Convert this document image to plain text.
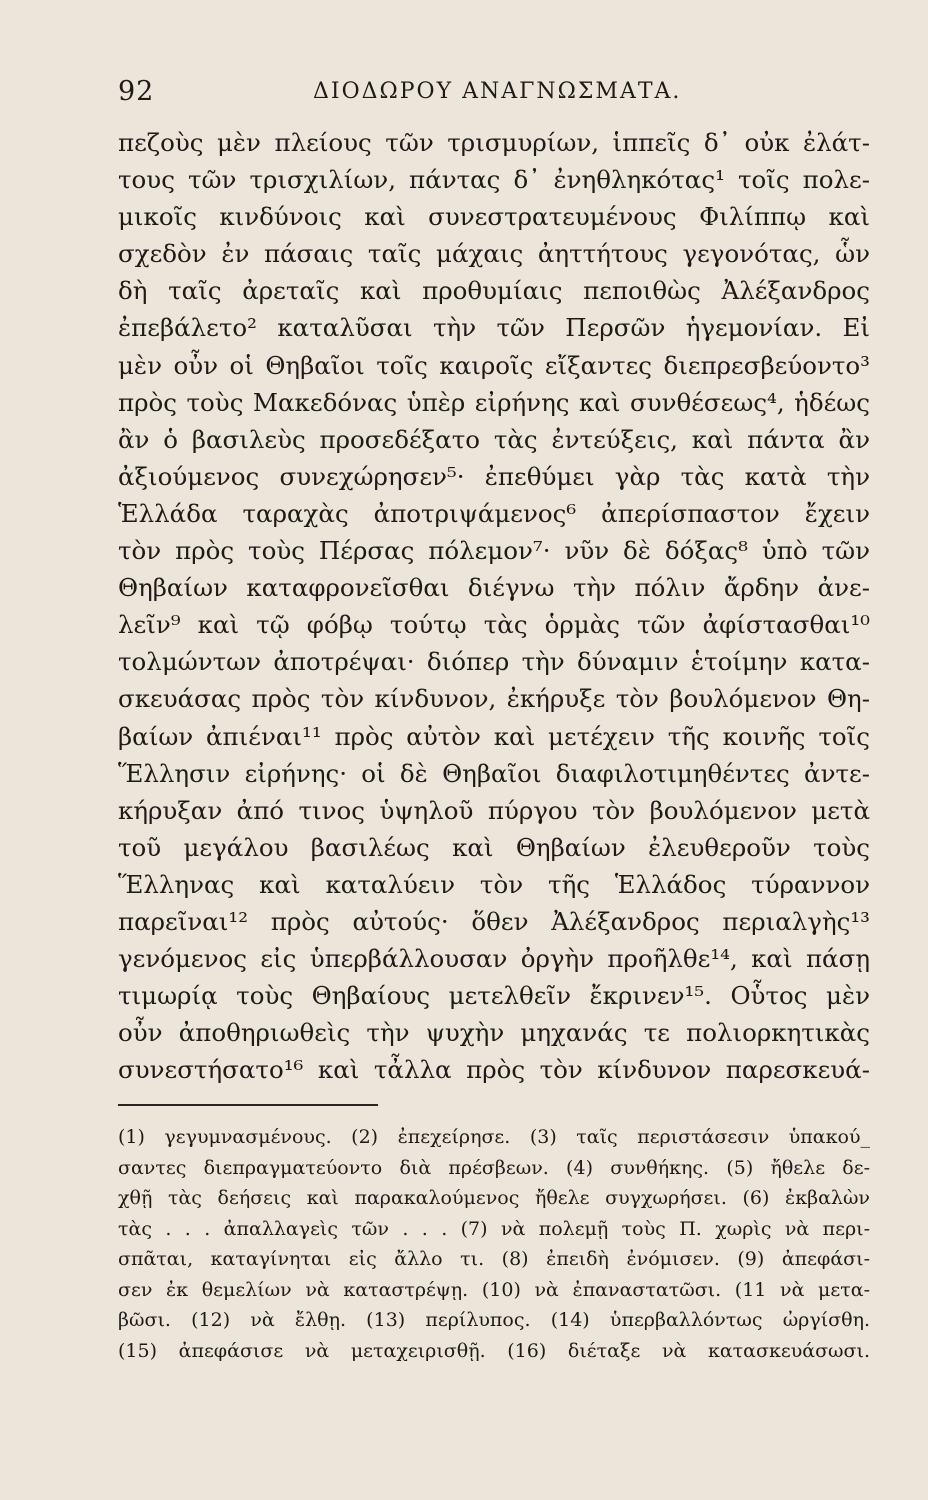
92	ΔΙΟΔΩΡΟΥ ΑΝΑΓΝΩΣΜΑΤΑ.
πεζοὺς μὲν πλείους τῶν τρισμυρίων, ἱππεῖς δ᾽ οὐκ ἐλάτ-
τους τῶν τρισχιλίων, πάντας δ᾽ ἐνηθληκότας¹ τοῖς πολε-
μικοῖς κινδύνοις καὶ συνεστρατευμένους Φιλίππῳ καὶ
σχεδὸν ἐν πάσαις ταῖς μάχαις ἀηττήτους γεγονότας, ὧν
δὴ ταῖς ἀρεταῖς καὶ προθυμίαις πεποιθὼς Ἀλέξανδρος
ἐπεβάλετο² καταλῦσαι τὴν τῶν Περσῶν ἡγεμονίαν. Εἰ
μὲν οὖν οἱ Θηβαῖοι τοῖς καιροῖς εἴξαντες διεπρεσβεύοντο³
πρὸς τοὺς Μακεδόνας ὑπὲρ εἰρήνης καὶ συνθέσεως⁴, ἡδέως
ἂν ὁ βασιλεὺς προσεδέξατο τὰς ἐντεύξεις, καὶ πάντα ἂν
ἀξιούμενος συνεχώρησεν⁵· ἐπεθύμει γὰρ τὰς κατὰ τὴν
Ἑλλάδα ταραχὰς ἀποτριψάμενος⁶ ἀπερίσπαστον ἔχειν
τὸν πρὸς τοὺς Πέρσας πόλεμον⁷· νῦν δὲ δόξας⁸ ὑπὸ τῶν
Θηβαίων καταφρονεῖσθαι διέγνω τὴν πόλιν ἄρδην ἀνε-
λεῖν⁹ καὶ τῷ φόβῳ τούτῳ τὰς ὁρμὰς τῶν ἀφίστασθαι¹⁰
τολμώντων ἀποτρέψαι· διόπερ τὴν δύναμιν ἑτοίμην κατα-
σκευάσας πρὸς τὸν κίνδυνον, ἐκήρυξε τὸν βουλόμενον Θη-
βαίων ἀπιέναι¹¹ πρὸς αὐτὸν καὶ μετέχειν τῆς κοινῆς τοῖς
Ἕλλησιν εἰρήνης· οἱ δὲ Θηβαῖοι διαφιλοτιμηθέντες ἀντε-
κήρυξαν ἀπό τινος ὑψηλοῦ πύργου τὸν βουλόμενον μετὰ
τοῦ μεγάλου βασιλέως καὶ Θηβαίων ἐλευθεροῦν τοὺς
Ἕλληνας καὶ καταλύειν τὸν τῆς Ἑλλάδος τύραννον
παρεῖναι¹² πρὸς αὐτούς· ὅθεν Ἀλέξανδρος περιαλγὴς¹³
γενόμενος εἰς ὑπερβάλλουσαν ὀργὴν προῆλθε¹⁴, καὶ πάσῃ
τιμωρίᾳ τοὺς Θηβαίους μετελθεῖν ἔκρινεν¹⁵. Οὗτος μὲν
οὖν ἀποθηριωθεὶς τὴν ψυχὴν μηχανάς τε πολιορκητικὰς
συνεστήσατο¹⁶ καὶ τἆλλα πρὸς τὸν κίνδυνον παρεσκευά-
(1) γεγυμνασμένους. (2) ἐπεχείρησε. (3) ταῖς περιστάσεσιν ὑπακού_
σαντες διεπραγματεύοντο διὰ πρέσβεων. (4) συνθήκης. (5) ἤθελε δε-
χθῇ τὰς δεήσεις καὶ παρακαλούμενος ἤθελε συγχωρήσει. (6) ἐκβαλὼν
τὰς . . . ἀπαλλαγεὶς τῶν . . . (7) νὰ πολεμῇ τοὺς Π. χωρὶς νὰ περι-
σπᾶται, καταγίνηται εἰς ἄλλο τι. (8) ἐπειδὴ ἐνόμισεν. (9) ἀπεφάσι-
σεν ἐκ θεμελίων νὰ καταστρέψῃ. (10) νὰ ἐπαναστατῶσι. (11 νὰ μετα-
βῶσι. (12) νὰ ἔλθῃ. (13) περίλυπος. (14) ὑπερβαλλόντως ὠργίσθη.
(15) ἀπεφάσισε νὰ μεταχειρισθῇ. (16) διέταξε νὰ κατασκευάσωσι.
